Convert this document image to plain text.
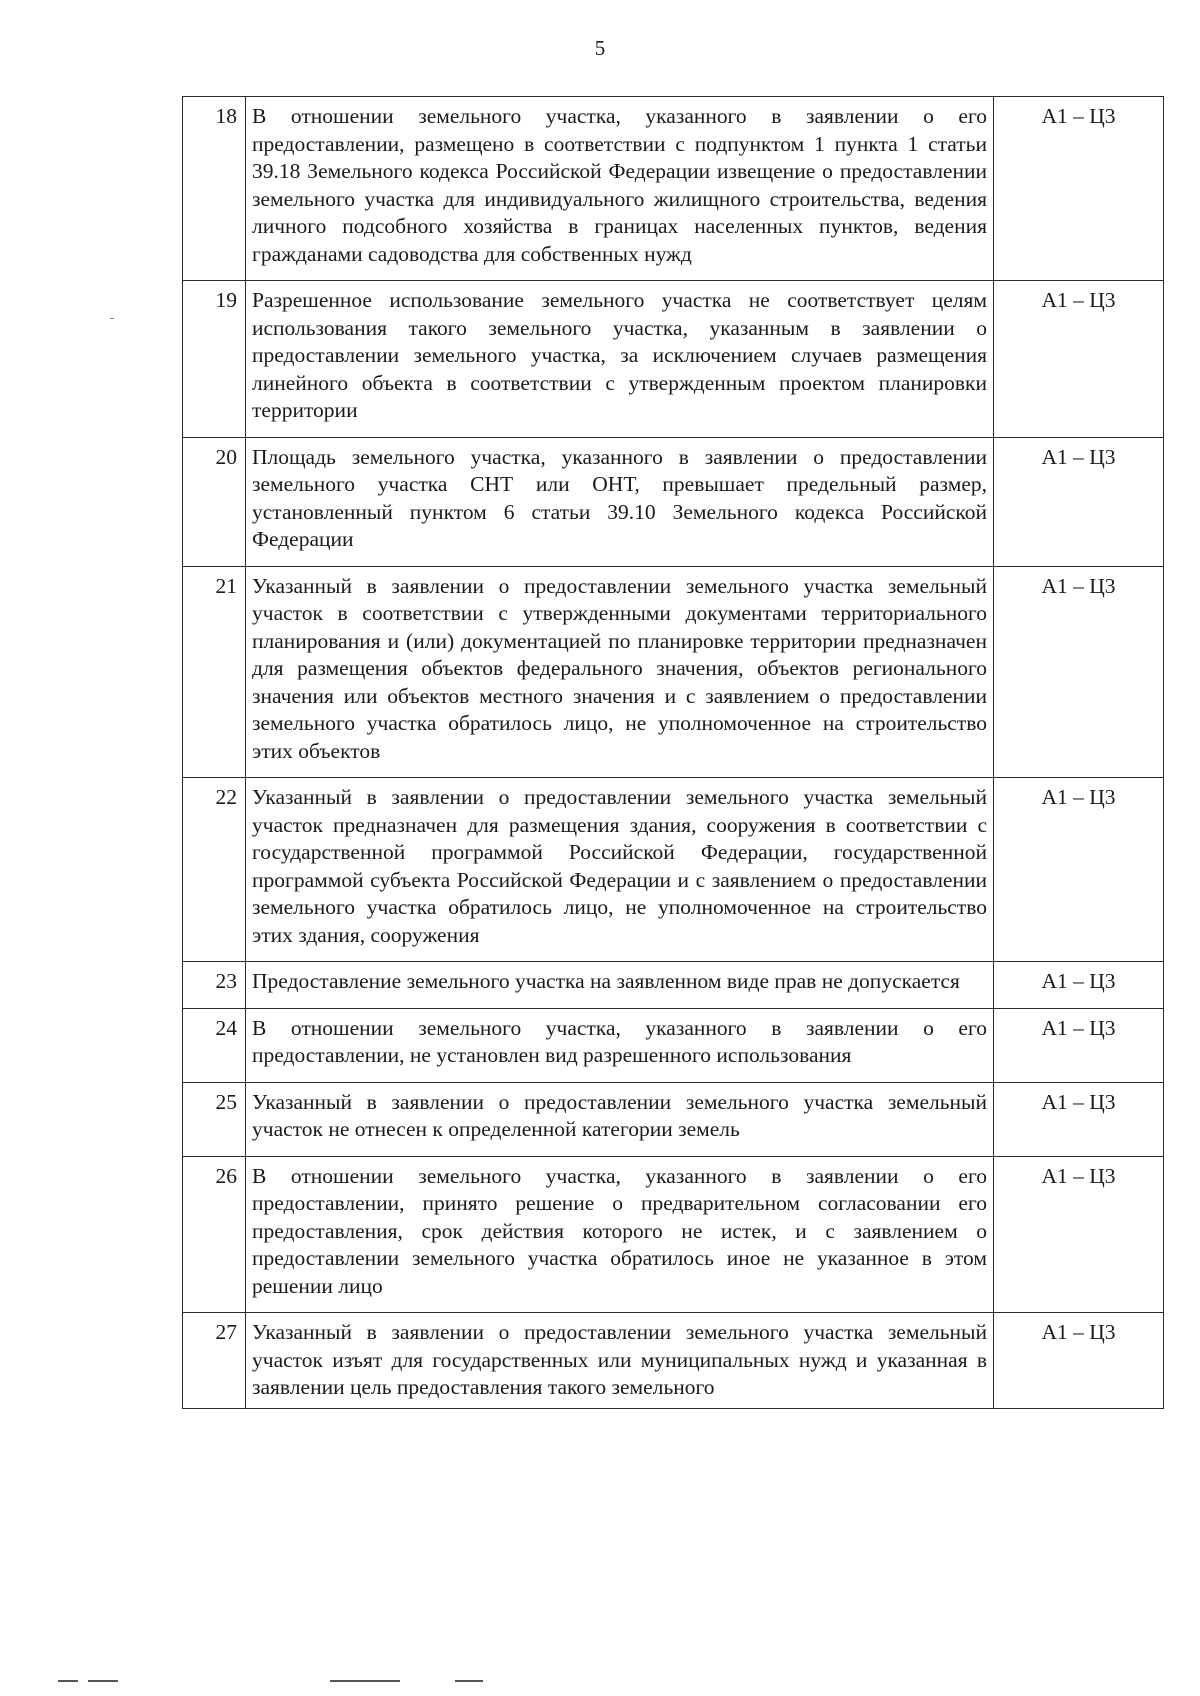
5
18	В отношении земельного участка, указанного в заявлении о его предоставлении, размещено в соответствии с подпунктом 1 пункта 1 статьи 39.18 Земельного кодекса Российской Федерации извещение о предоставлении земельного участка для индивидуального жилищного строительства, ведения личного подсобного хозяйства в границах населенных пунктов, ведения гражданами садоводства для собственных нужд	А1 – Ц3
19	Разрешенное использование земельного участка не соответствует целям использования такого земельного участка, указанным в заявлении о предоставлении земельного участка, за исключением случаев размещения линейного объекта в соответствии с утвержденным проектом планировки территории	А1 – Ц3
20	Площадь земельного участка, указанного в заявлении о предоставлении земельного участка СНТ или ОНТ, превышает предельный размер, установленный пунктом 6 статьи 39.10 Земельного кодекса Российской Федерации	А1 – Ц3
21	Указанный в заявлении о предоставлении земельного участка земельный участок в соответствии с утвержденными документами территориального планирования и (или) документацией по планировке территории предназначен для размещения объектов федерального значения, объектов регионального значения или объектов местного значения и с заявлением о предоставлении земельного участка обратилось лицо, не уполномоченное на строительство этих объектов	А1 – Ц3
22	Указанный в заявлении о предоставлении земельного участка земельный участок предназначен для размещения здания, сооружения в соответствии с государственной программой Российской Федерации, государственной программой субъекта Российской Федерации и с заявлением о предоставлении земельного участка обратилось лицо, не уполномоченное на строительство этих здания, сооружения	А1 – Ц3
23	Предоставление земельного участка на заявленном виде прав не допускается	А1 – Ц3
24	В отношении земельного участка, указанного в заявлении о его предоставлении, не установлен вид разрешенного использования	А1 – Ц3
25	Указанный в заявлении о предоставлении земельного участка земельный участок не отнесен к определенной категории земель	А1 – Ц3
26	В отношении земельного участка, указанного в заявлении о его предоставлении, принято решение о предварительном согласовании его предоставления, срок действия которого не истек, и с заявлением о предоставлении земельного участка обратилось иное не указанное в этом решении лицо	А1 – Ц3
27	Указанный в заявлении о предоставлении земельного участка земельный участок изъят для государственных или муниципальных нужд и указанная в заявлении цель предоставления такого земельного	А1 – Ц3
